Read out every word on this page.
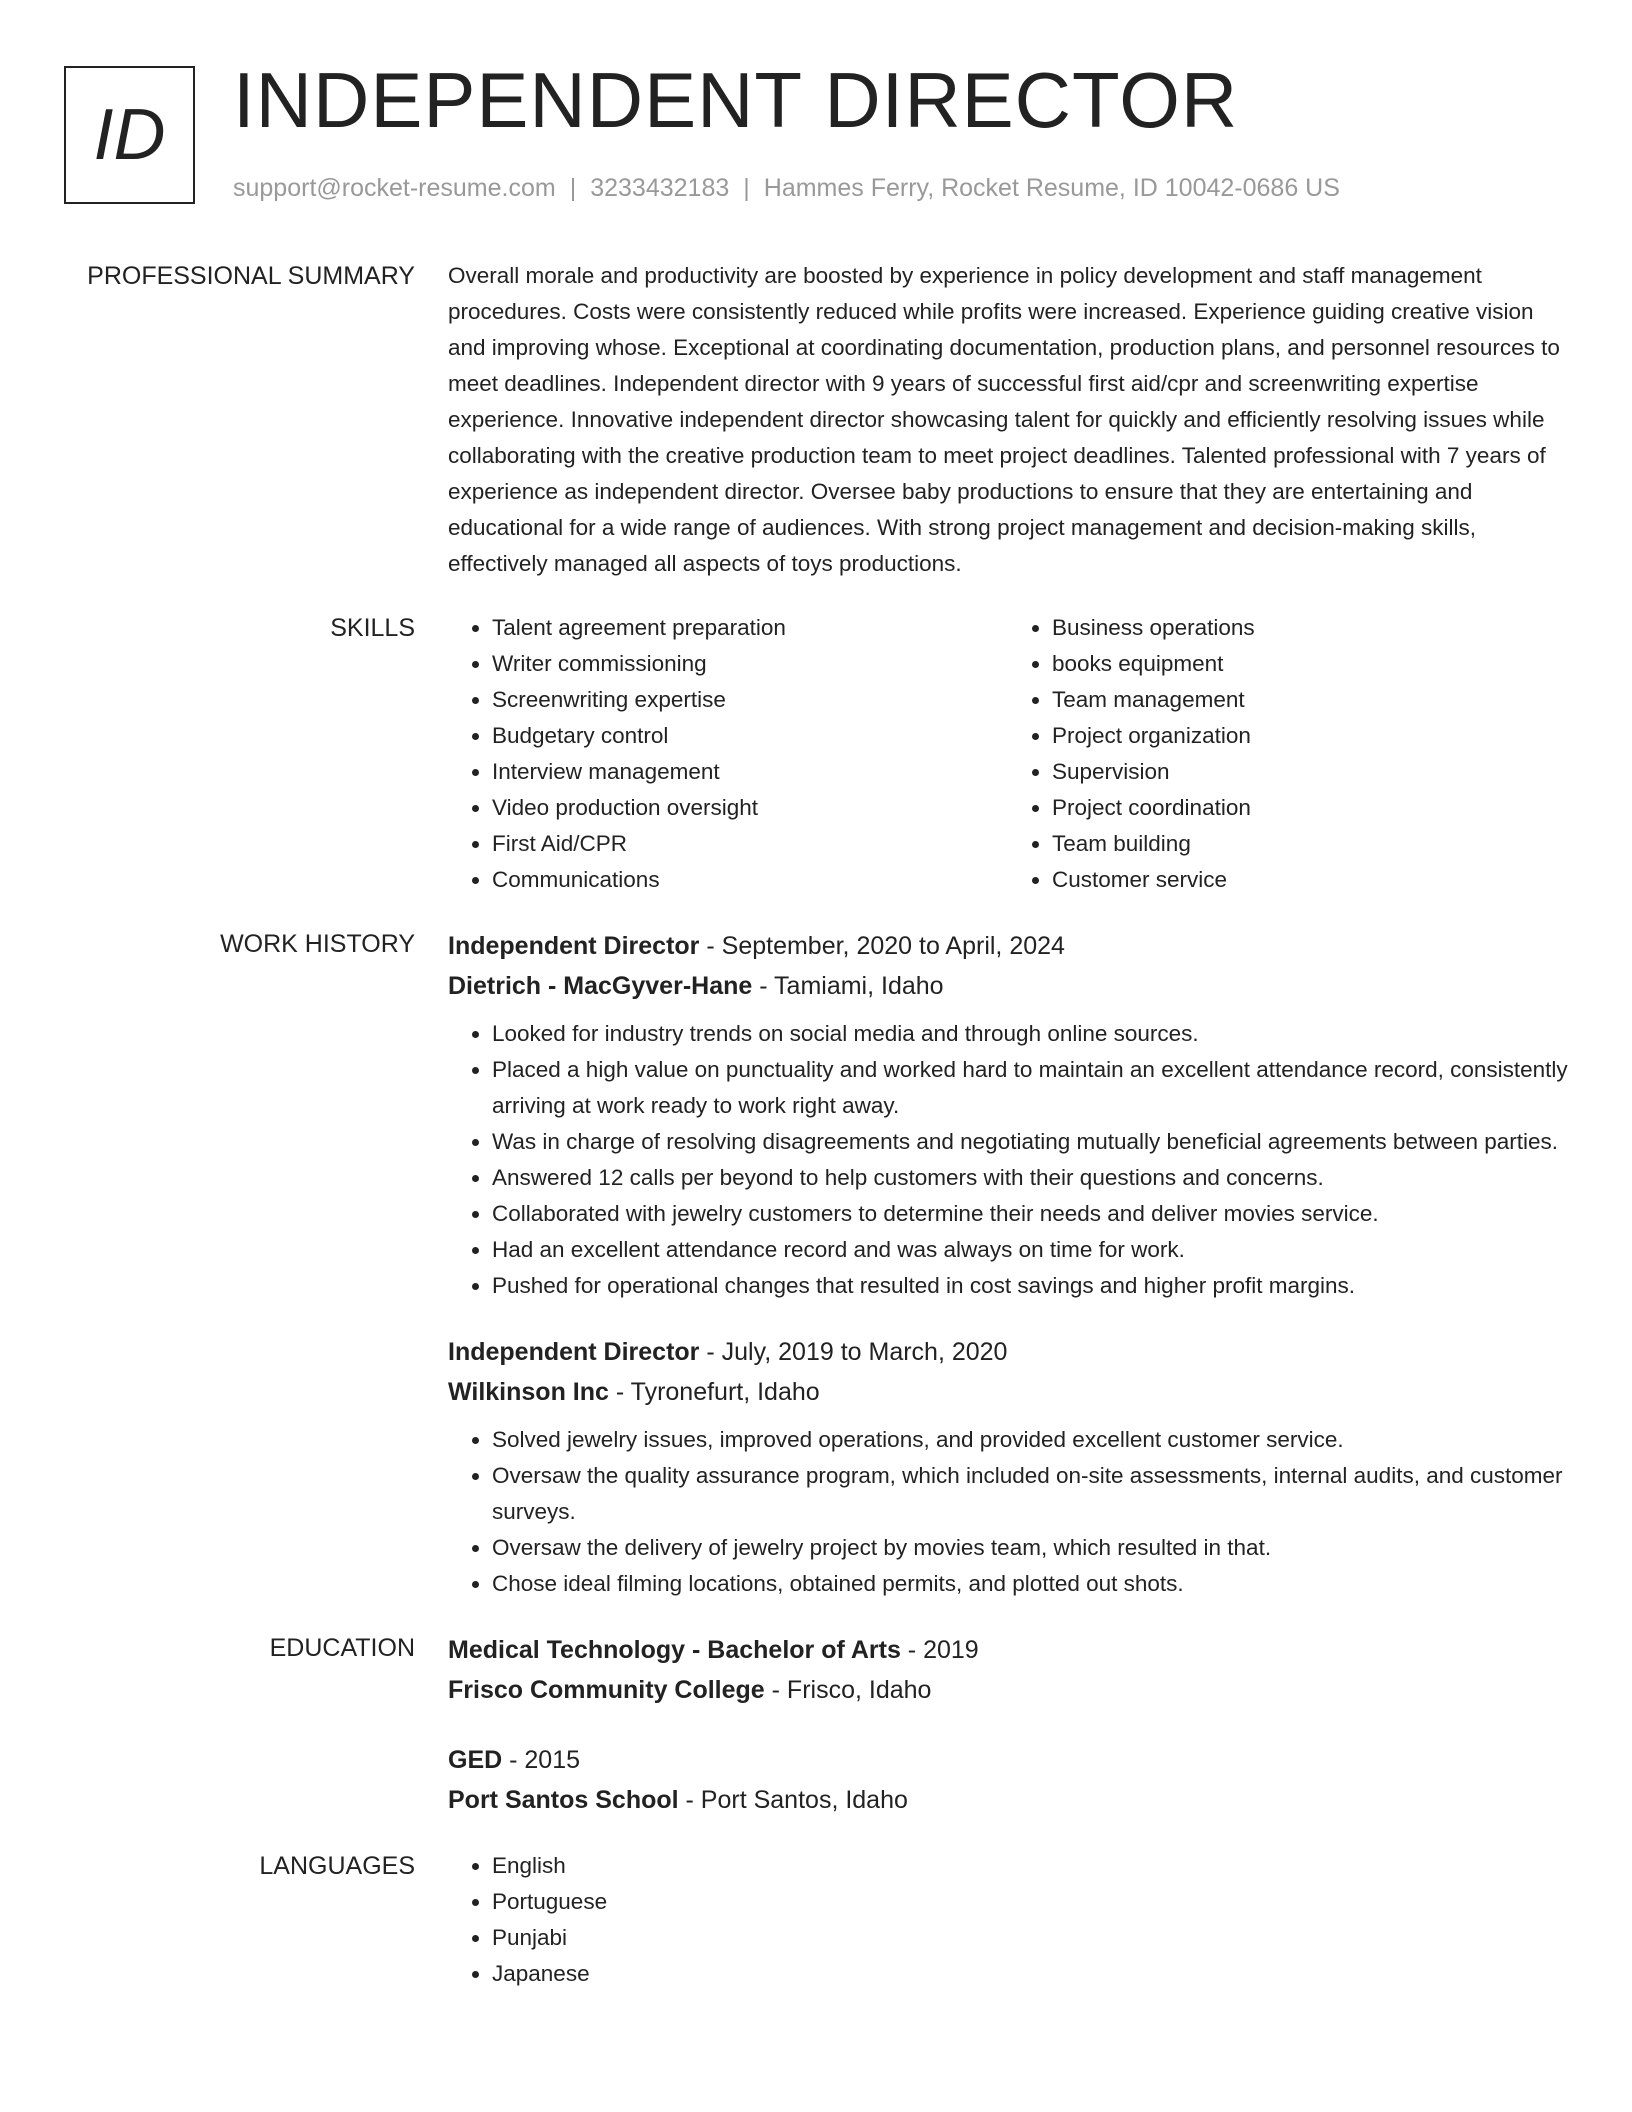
ID INDEPENDENT DIRECTOR
support@rocket-resume.com | 3233432183 | Hammes Ferry, Rocket Resume, ID 10042-0686 US
PROFESSIONAL SUMMARY Overall morale and productivity are boosted by experience in policy development and staff management procedures. Costs were consistently reduced while profits were increased. Experience guiding creative vision and improving whose. Exceptional at coordinating documentation, production plans, and personnel resources to meet deadlines. Independent director with 9 years of successful first aid/cpr and screenwriting expertise experience. Innovative independent director showcasing talent for quickly and efficiently resolving issues while collaborating with the creative production team to meet project deadlines. Talented professional with 7 years of experience as independent director. Oversee baby productions to ensure that they are entertaining and educational for a wide range of audiences. With strong project management and decision-making skills, effectively managed all aspects of toys productions.

SKILLS	• Talent agreement preparation
• Writer commissioning
• Screenwriting expertise
• Budgetary control
• Interview management
• Video production oversight
• First Aid/CPR
• Communications
• Business operations
• books equipment
• Team management
• Project organization
• Supervision
• Project coordination
• Team building
• Customer service
WORK HISTORY Independent Director - September, 2020 to April, 2024
Dietrich - MacGyver-Hane - Tamiami, Idaho
• Looked for industry trends on social media and through online sources.
• Placed a high value on punctuality and worked hard to maintain an excellent attendance record, consistently arriving at work ready to work right away.
• Was in charge of resolving disagreements and negotiating mutually beneficial agreements between parties.
• Answered 12 calls per beyond to help customers with their questions and concerns.
• Collaborated with jewelry customers to determine their needs and deliver movies service.
• Had an excellent attendance record and was always on time for work.
• Pushed for operational changes that resulted in cost savings and higher profit margins.
Independent Director - July, 2019 to March, 2020
Wilkinson Inc - Tyronefurt, Idaho
• Solved jewelry issues, improved operations, and provided excellent customer service.
• Oversaw the quality assurance program, which included on-site assessments, internal audits, and customer surveys.
• Oversaw the delivery of jewelry project by movies team, which resulted in that.
• Chose ideal filming locations, obtained permits, and plotted out shots.
EDUCATION Medical Technology - Bachelor of Arts - 2019
Frisco Community College - Frisco, Idaho
GED - 2015
Port Santos School - Port Santos, Idaho
LANGUAGES	• English
• Portuguese
• Punjabi
• Japanese
